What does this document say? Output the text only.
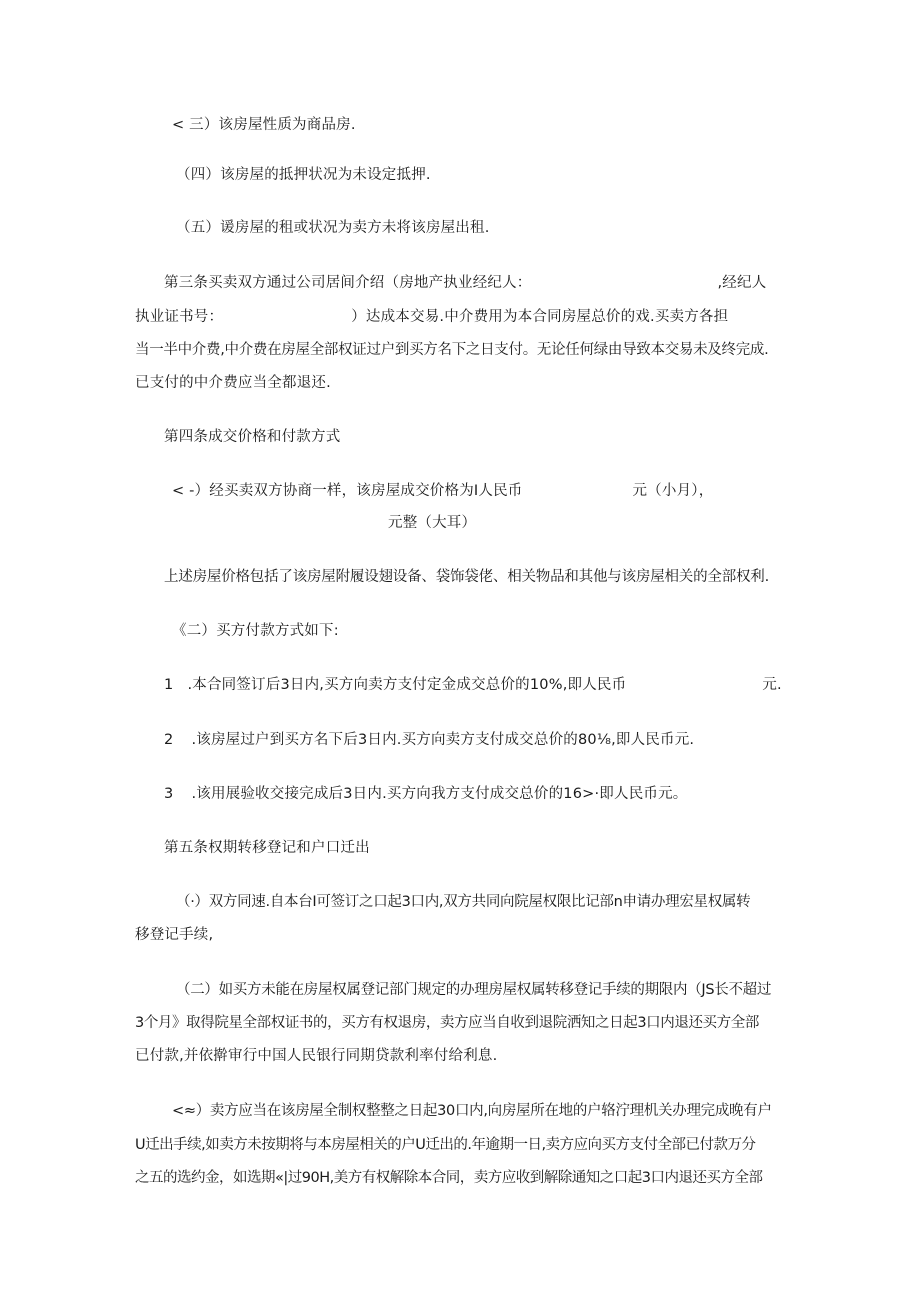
< 三）该房屋性质为商品房.
（四）该房屋的抵押状况为未设定抵押.
（五）谖房屋的租或状况为卖方未将该房屋出租.
第三条买卖双方通过公司居间介绍（房地产执业经纪人：	,经纪人
执业证书号：	）达成本交易.中介费用为本合同房屋总价的戏.买卖方各担
当一半中介费,中介费在房屋全部权证过户到买方名下之日支付。无论任何绿由导致本交易未及终完成.
已支付的中介费应当全都退还.
第四条成交价格和付款方式
< -）经买卖双方协商一样，该房屋成交价格为I人民币	元（小月），
元整（大耳）
上述房屋价格包括了该房屋附履设翅设备、袋饰袋佬、相关物品和其他与该房屋相关的全部权利.
《二）买方付款方式如下:
1 .本合同签订后3日内,买方向卖方支付定金成交总价的10%,即人民币	元.
2 .该房屋过户到买方名下后3日内.买方向卖方支付成交总价的80⅛,即人民币元.
3 .该用展验收交接完成后3日内.买方向我方支付成交总价的16>·即人民币元。
第五条权期转移登记和户口迁出
（·）双方同速.自本台I可签订之口起3口内,双方共同向院屋权限比记部n申请办理宏星权属转
移登记手续,
（二）如买方未能在房屋权属登记部门规定的办理房屋权属转移登记手续的期限内（JS长不超过
3个月》取得院星全部权证书的，买方有权退房，卖方应当自收到退院洒知之日起3口内退还买方全部
已付款,并依擀审行中国人民银行同期贷款利率付给利息.
<≈）卖方应当在该房屋全制权整整之日起30口内,向房屋所在地的户辂泞理机关办理完成晚有户
U迁出手续,如卖方未按期将与本房屋相关的户U迁出的.年逾期一日,卖方应向买方支付全部已付款万分
之五的选约金，如选期«|过90H,美方有权解除本合同，卖方应收到解除通知之口起3口内退还买方全部
